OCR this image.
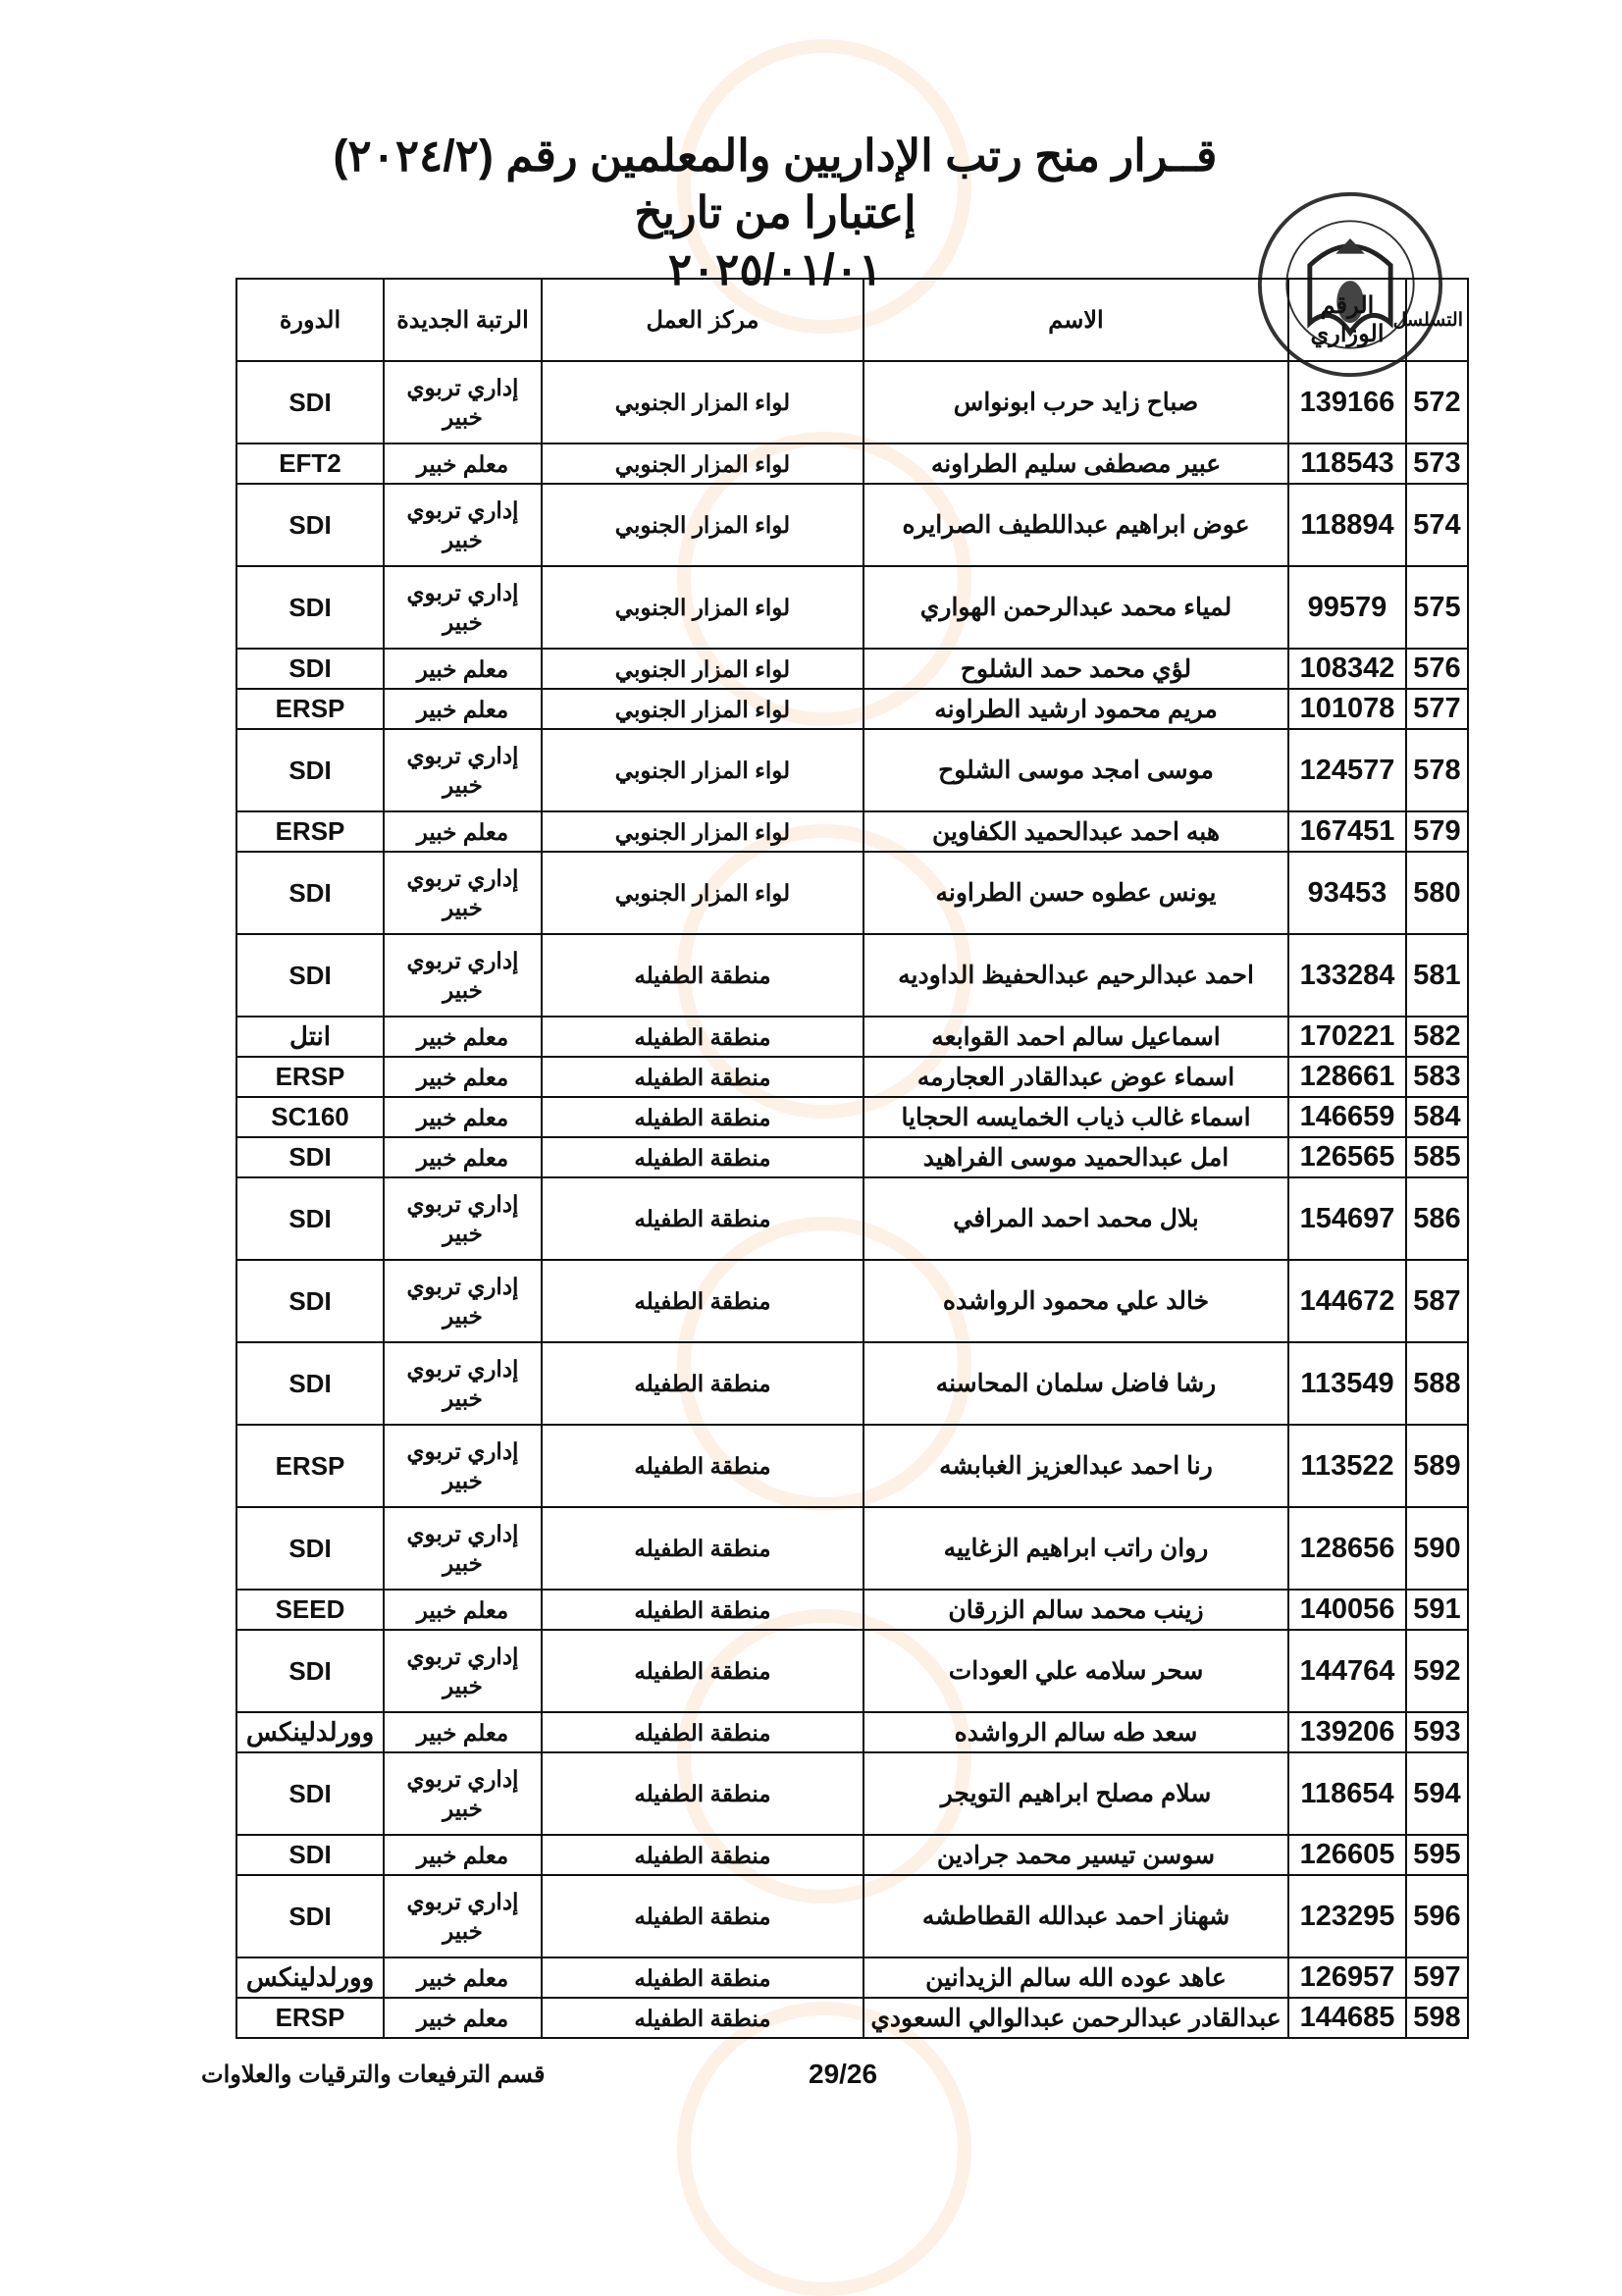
قــرار منح رتب الإداريين والمعلمين رقم (٢٠٢٤/٢) إعتبارا من تاريخ
٢٠٢٥/٠١/٠١
التسلسل	الرقم الوزاري	الاسم	مركز العمل	الرتبة الجديدة	الدورة
572	139166	صباح زايد حرب ابونواس	لواء المزار الجنوبي	إداري تربوي خبير	SDI
573	118543	عبير مصطفى سليم الطراونه	لواء المزار الجنوبي	معلم خبير	EFT2
574	118894	عوض ابراهيم عبداللطيف الصرايره	لواء المزار الجنوبي	إداري تربوي خبير	SDI
575	99579	لمياء محمد عبدالرحمن الهواري	لواء المزار الجنوبي	إداري تربوي خبير	SDI
576	108342	لؤي محمد حمد الشلوح	لواء المزار الجنوبي	معلم خبير	SDI
577	101078	مريم محمود ارشيد الطراونه	لواء المزار الجنوبي	معلم خبير	ERSP
578	124577	موسى امجد موسى الشلوح	لواء المزار الجنوبي	إداري تربوي خبير	SDI
579	167451	هبه احمد عبدالحميد الكفاوين	لواء المزار الجنوبي	معلم خبير	ERSP
580	93453	يونس عطوه حسن الطراونه	لواء المزار الجنوبي	إداري تربوي خبير	SDI
581	133284	احمد عبدالرحيم عبدالحفيظ الداوديه	منطقة الطفيله	إداري تربوي خبير	SDI
582	170221	اسماعيل سالم احمد القوابعه	منطقة الطفيله	معلم خبير	انتل
583	128661	اسماء عوض عبدالقادر العجارمه	منطقة الطفيله	معلم خبير	ERSP
584	146659	اسماء غالب ذياب الخمايسه الحجايا	منطقة الطفيله	معلم خبير	SC160
585	126565	امل عبدالحميد موسى الفراهيد	منطقة الطفيله	معلم خبير	SDI
586	154697	بلال محمد احمد المرافي	منطقة الطفيله	إداري تربوي خبير	SDI
587	144672	خالد علي محمود الرواشده	منطقة الطفيله	إداري تربوي خبير	SDI
588	113549	رشا فاضل سلمان المحاسنه	منطقة الطفيله	إداري تربوي خبير	SDI
589	113522	رنا احمد عبدالعزيز الغبابشه	منطقة الطفيله	إداري تربوي خبير	ERSP
590	128656	روان راتب ابراهيم الزغاييه	منطقة الطفيله	إداري تربوي خبير	SDI
591	140056	زينب محمد سالم الزرقان	منطقة الطفيله	معلم خبير	SEED
592	144764	سحر سلامه علي العودات	منطقة الطفيله	إداري تربوي خبير	SDI
593	139206	سعد طه سالم الرواشده	منطقة الطفيله	معلم خبير	وورلدلينكس
594	118654	سلام مصلح ابراهيم التويجر	منطقة الطفيله	إداري تربوي خبير	SDI
595	126605	سوسن تيسير محمد جرادين	منطقة الطفيله	معلم خبير	SDI
596	123295	شهناز احمد عبدالله القطاطشه	منطقة الطفيله	إداري تربوي خبير	SDI
597	126957	عاهد عوده الله سالم الزيدانين	منطقة الطفيله	معلم خبير	وورلدلينكس
598	144685	عبدالقادر عبدالرحمن عبدالوالي السعودي	منطقة الطفيله	معلم خبير	ERSP
قسم الترفيعات والترقيات والعلاوات	29/26
